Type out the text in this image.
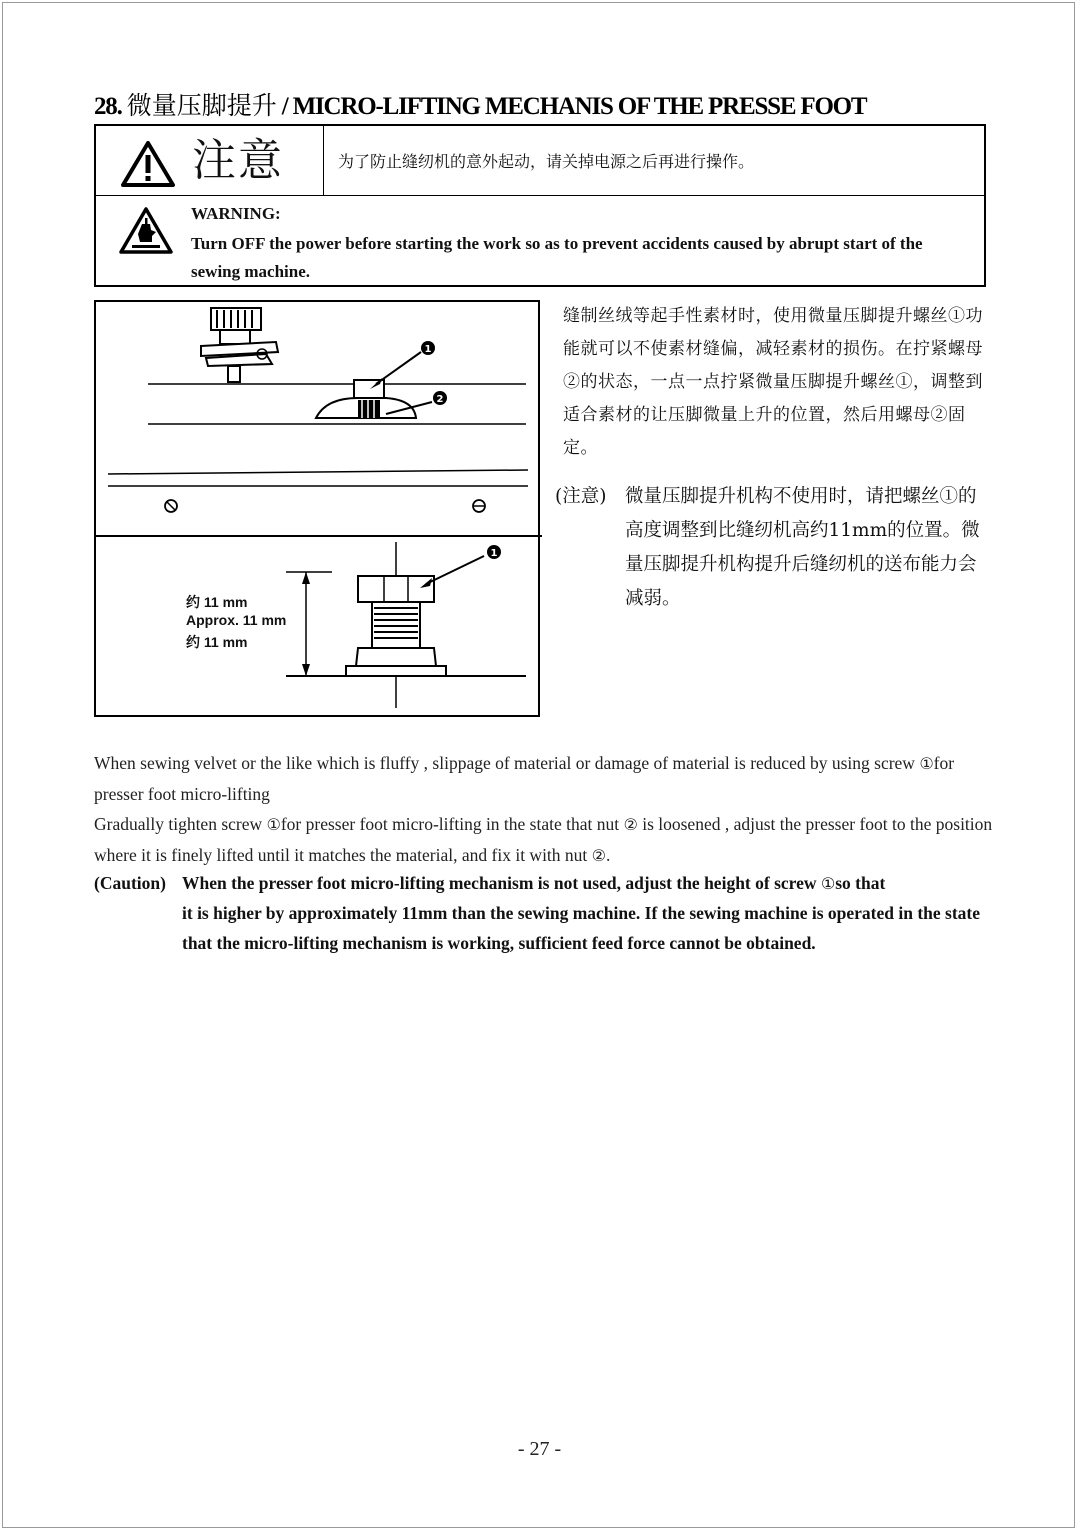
28. 微量压脚提升 / MICRO-LIFTING MECHANIS OF THE PRESSE FOOT
注意	为了防止缝纫机的意外起动，请关掉电源之后再进行操作。
WARNING:
Turn OFF the power before starting the work so as to prevent accidents caused by abrupt start of the sewing machine.
1
2
1
约 11 mm
Approx. 11 mm
约 11 mm
缝制丝绒等起手性素材时，使用微量压脚提升螺丝①功能就可以不使素材缝偏，减轻素材的损伤。在拧紧螺母②的状态，一点一点拧紧微量压脚提升螺丝①，调整到适合素材的让压脚微量上升的位置，然后用螺母②固定。
(注意) 微量压脚提升机构不使用时，请把螺丝①的高度调整到比缝纫机高约11mm的位置。微量压脚提升机构提升后缝纫机的送布能力会减弱。

When sewing velvet or the like which is fluffy , slippage of material or damage of material is reduced by using screw ①for presser foot micro-lifting

Gradually tighten screw ①for presser foot micro-lifting in the state that nut ② is loosened , adjust the presser foot to the position where it is finely lifted until it matches the material, and fix it with nut ②.

(Caution) When the presser foot micro-lifting mechanism is not used, adjust the height of screw ①so that
it is higher by approximately 11mm than the sewing machine. If the sewing machine is operated in the state that the micro-lifting mechanism is working, sufficient feed force cannot be obtained.
- 27 -
